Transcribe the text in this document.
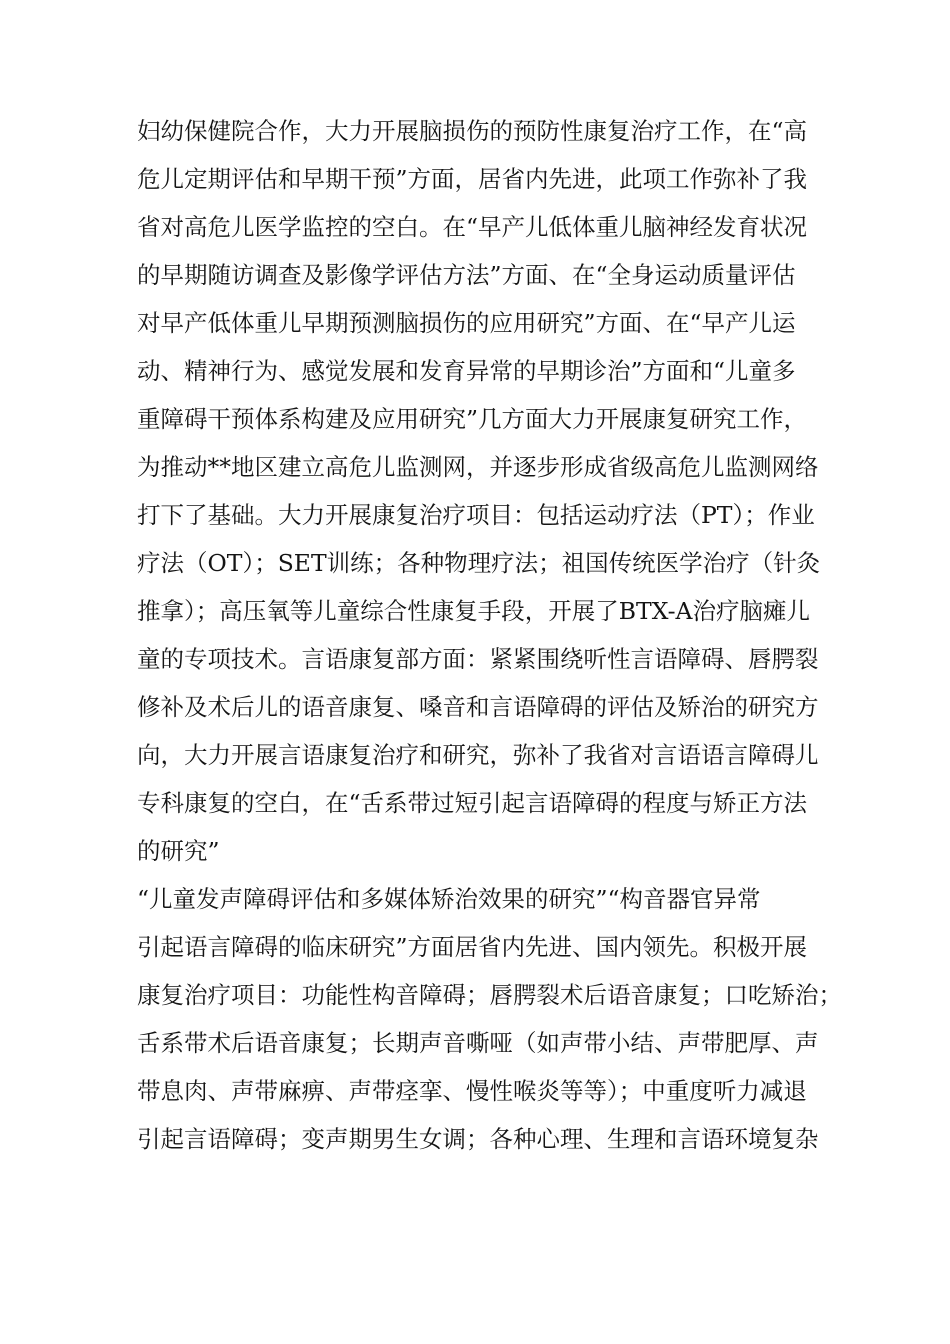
妇幼保健院合作，大力开展脑损伤的预防性康复治疗工作，在“高
危儿定期评估和早期干预”方面，居省内先进，此项工作弥补了我
省对高危儿医学监控的空白。在“早产儿低体重儿脑神经发育状况
的早期随访调查及影像学评估方法”方面、在“全身运动质量评估
对早产低体重儿早期预测脑损伤的应用研究”方面、在“早产儿运
动、精神行为、感觉发展和发育异常的早期诊治”方面和“儿童多
重障碍干预体系构建及应用研究”几方面大力开展康复研究工作，
为推动**地区建立高危儿监测网，并逐步形成省级高危儿监测网络
打下了基础。大力开展康复治疗项目：包括运动疗法（PT）；作业
疗法（OT）；SET训练；各种物理疗法；祖国传统医学治疗（针灸
推拿）；高压氧等儿童综合性康复手段，开展了BTX-A治疗脑瘫儿
童的专项技术。言语康复部方面：紧紧围绕听性言语障碍、唇腭裂
修补及术后儿的语音康复、嗓音和言语障碍的评估及矫治的研究方
向，大力开展言语康复治疗和研究，弥补了我省对言语语言障碍儿
专科康复的空白，在“舌系带过短引起言语障碍的程度与矫正方法
的研究”
“儿童发声障碍评估和多媒体矫治效果的研究”“构音器官异常
引起语言障碍的临床研究”方面居省内先进、国内领先。积极开展
康复治疗项目：功能性构音障碍；唇腭裂术后语音康复；口吃矫治；
舌系带术后语音康复；长期声音嘶哑（如声带小结、声带肥厚、声
带息肉、声带麻痹、声带痉挛、慢性喉炎等等）；中重度听力减退
引起言语障碍；变声期男生女调；各种心理、生理和言语环境复杂
